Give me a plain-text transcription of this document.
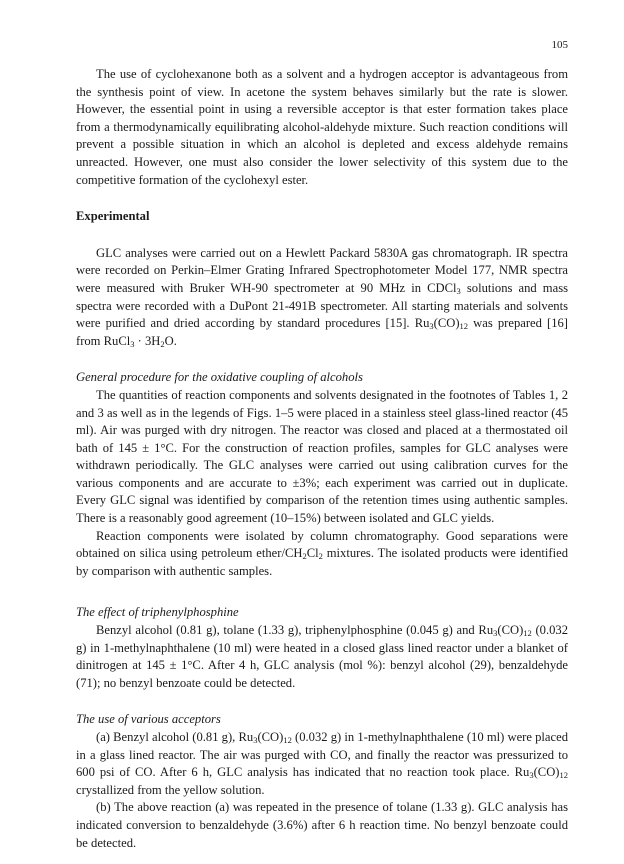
105

The use of cyclohexanone both as a solvent and a hydrogen acceptor is advantageous from the synthesis point of view. In acetone the system behaves similarly but the rate is slower. However, the essential point in using a reversible acceptor is that ester formation takes place from a thermodynamically equilibrating alcohol-aldehyde mixture. Such reaction conditions will prevent a possible situation in which an alcohol is depleted and excess aldehyde remains unreacted. However, one must also consider the lower selectivity of this system due to the competitive formation of the cyclohexyl ester.

Experimental

GLC analyses were carried out on a Hewlett Packard 5830A gas chromatograph. IR spectra were recorded on Perkin–Elmer Grating Infrared Spectrophotometer Model 177, NMR spectra were measured with Bruker WH-90 spectrometer at 90 MHz in CDCl$_3$ solutions and mass spectra were recorded with a DuPont 21-491B spectrometer. All starting materials and solvents were purified and dried according by standard procedures [15]. $Ru_3(CO)_{12}$ was prepared [16] from RuCl$_3$ · $3H_2O$.

General procedure for the oxidative coupling of alcohols

The quantities of reaction components and solvents designated in the footnotes of Tables 1, 2 and 3 as well as in the legends of Figs. 1–5 were placed in a stainless steel glass-lined reactor (45 ml). Air was purged with dry nitrogen. The reactor was closed and placed at a thermostated oil bath of 145 ± 1°C. For the construction of reaction profiles, samples for GLC analyses were withdrawn periodically. The GLC analyses were carried out using calibration curves for the various components and are accurate to ±3%; each experiment was carried out in duplicate. Every GLC signal was identified by comparison of the retention times using authentic samples. There is a reasonably good agreement (10–15%) between isolated and GLC yields.

Reaction components were isolated by column chromatography. Good separations were obtained on silica using petroleum ether/$CH_2Cl_2$ mixtures. The isolated products were identified by comparison with authentic samples.

The effect of triphenylphosphine

Benzyl alcohol (0.81 g), tolane (1.33 g), triphenylphosphine (0.045 g) and $Ru_3(CO)_{12}$ (0.032 g) in 1-methylnaphthalene (10 ml) were heated in a closed glass lined reactor under a blanket of dinitrogen at 145 ± 1°C. After 4 h, GLC analysis (mol %): benzyl alcohol (29), benzaldehyde (71); no benzyl benzoate could be detected.

The use of various acceptors

(a) Benzyl alcohol (0.81 g), $Ru_3(CO)_{12}$ (0.032 g) in 1-methylnaphthalene (10 ml) were placed in a glass lined reactor. The air was purged with CO, and finally the reactor was pressurized to 600 psi of CO. After 6 h, GLC analysis has indicated that no reaction took place. $Ru_3(CO)_{12}$ crystallized from the yellow solution.

(b) The above reaction (a) was repeated in the presence of tolane (1.33 g). GLC analysis has indicated conversion to benzaldehyde (3.6%) after 6 h reaction time. No benzyl benzoate could be detected.
